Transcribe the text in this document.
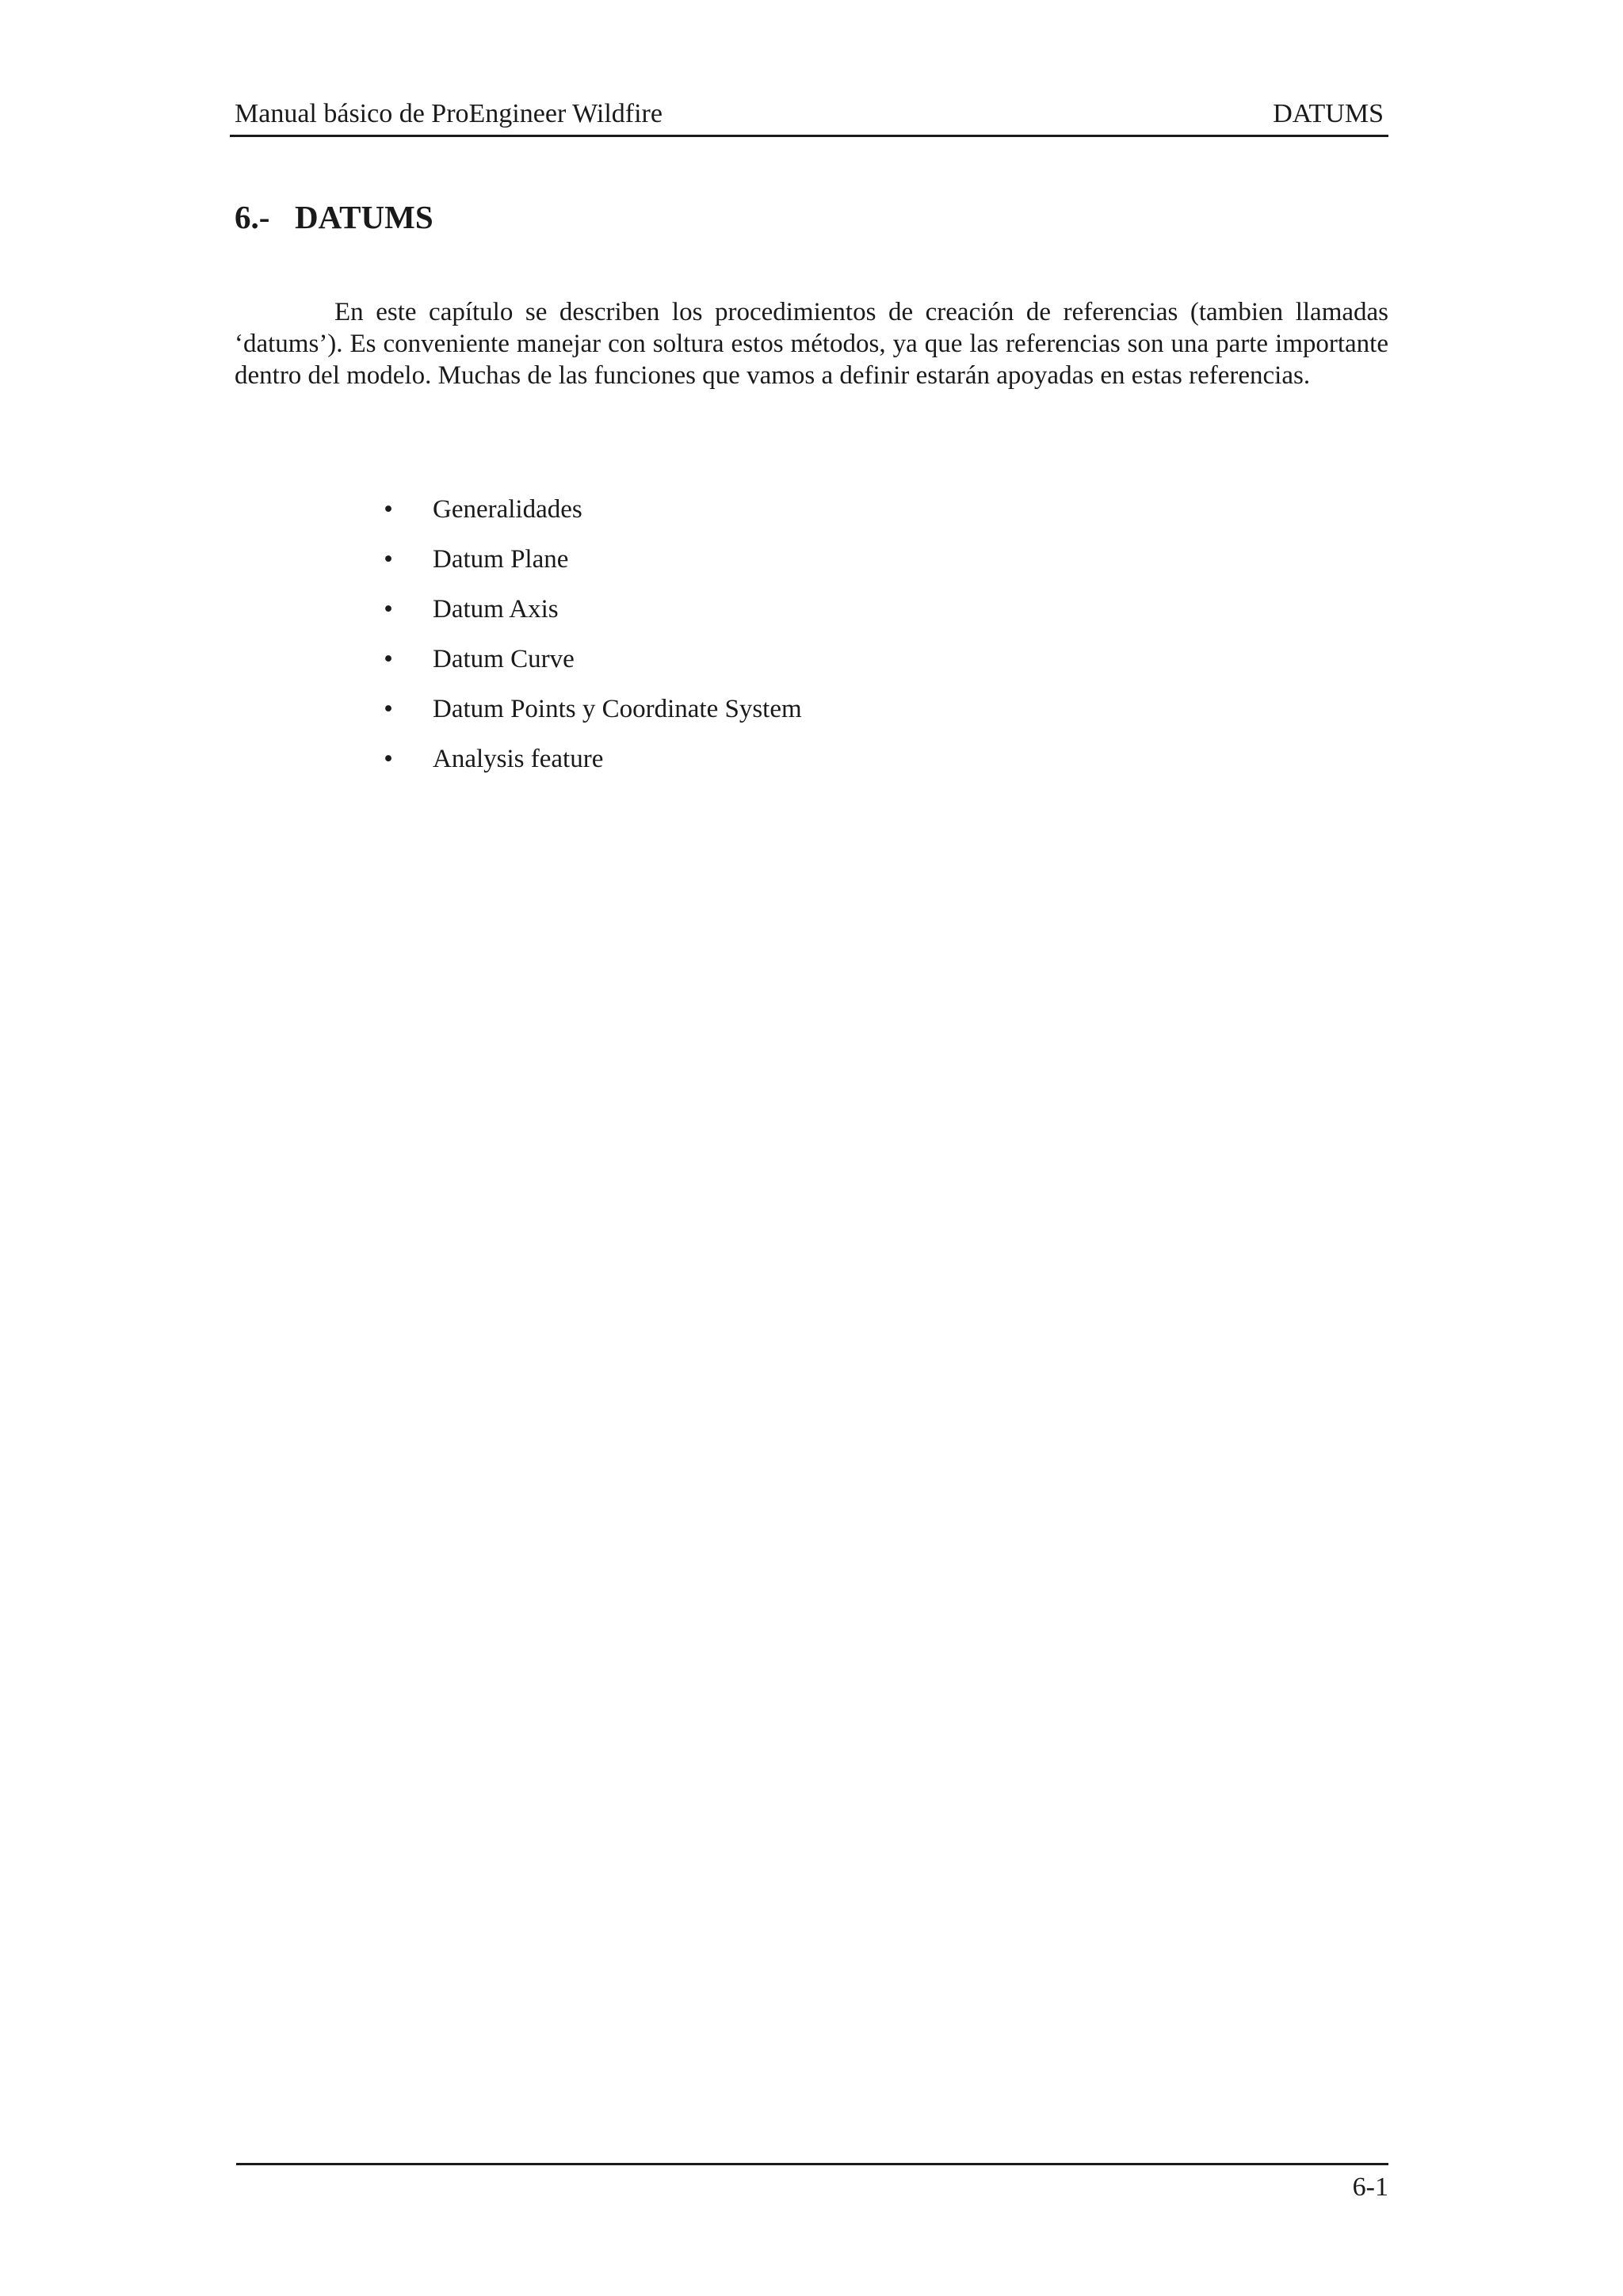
Manual básico de ProEngineer Wildfire	DATUMS
6.- DATUMS

En este capítulo se describen los procedimientos de creación de referencias (tambien llamadas ‘datums’). Es conveniente manejar con soltura estos métodos, ya que las referencias son una parte importante dentro del modelo. Muchas de las funciones que vamos a definir estarán apoyadas en estas referencias.

• Generalidades
• Datum Plane
• Datum Axis
• Datum Curve
• Datum Points y Coordinate System
• Analysis feature
6-1
